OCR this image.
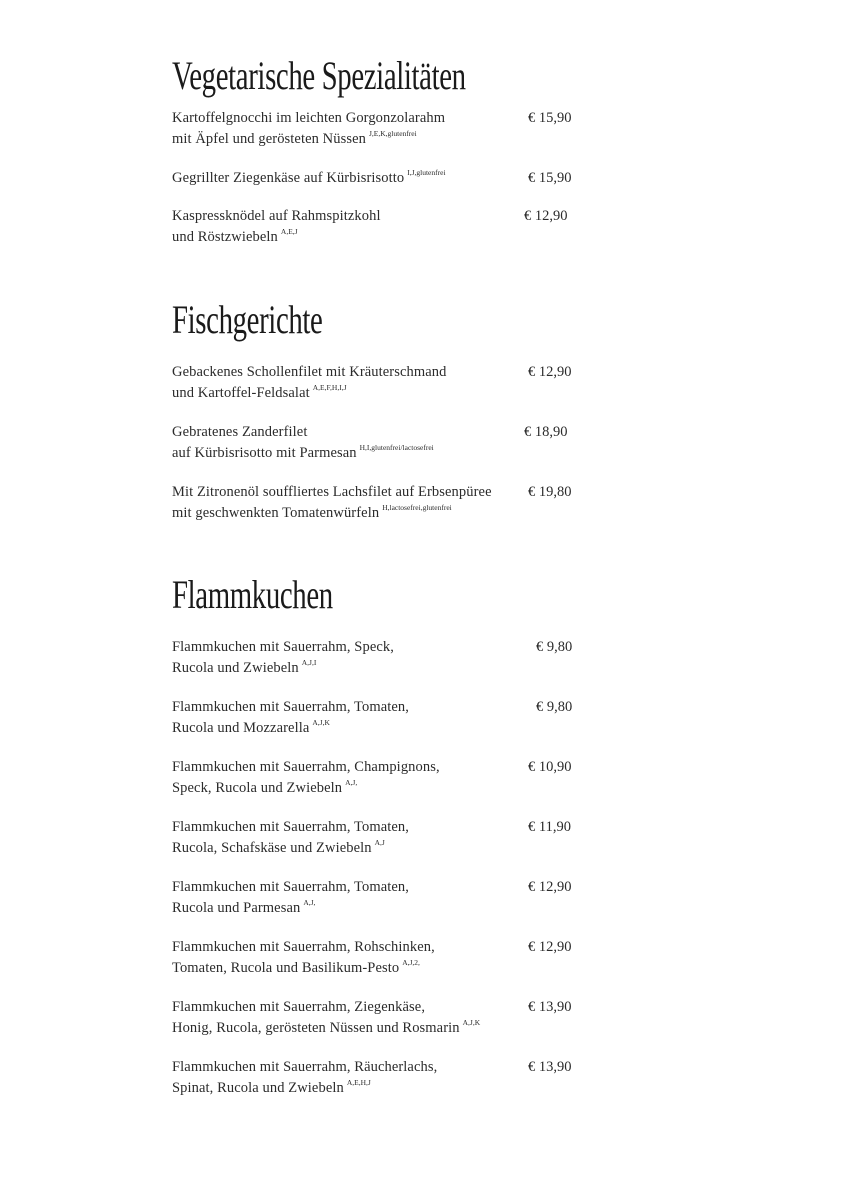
Vegetarische Spezialitäten
Kartoffelgnocchi im leichten Gorgonzolarahm
mit Äpfel und gerösteten Nüssen $^{J,E,K,glutenfrei}$
€ 15,90
Gegrillter Ziegenkäse auf Kürbisrisotto $^{I,J,glutenfrei}$	€ 15,90
Kaspressknödel auf Rahmspitzkohl
und Röstzwiebeln $^{A,E,J}$
€ 12,90
Fischgerichte
Gebackenes Schollenfilet mit Kräuterschmand
und Kartoffel-Feldsalat $^{A,E,F,H,I,J}$
€ 12,90
Gebratenes Zanderfilet
auf Kürbisrisotto mit Parmesan $^{H,I,glutenfrei/lactosefrei}$
€ 18,90
Mit Zitronenöl souffliertes Lachsfilet auf Erbsenpüree
mit geschwenkten Tomatenwürfeln $^{H,lactosefrei,glutenfrei}$
€ 19,80
Flammkuchen
Flammkuchen mit Sauerrahm, Speck,
Rucola und Zwiebeln $^{A,J,I}$
€ 9,80
Flammkuchen mit Sauerrahm, Tomaten,
Rucola und Mozzarella $^{A,J,K}$
€ 9,80
Flammkuchen mit Sauerrahm, Champignons,
Speck, Rucola und Zwiebeln $^{A,J,}$
€ 10,90
Flammkuchen mit Sauerrahm, Tomaten,
Rucola, Schafskäse und Zwiebeln $^{A,J}$
€ 11,90
Flammkuchen mit Sauerrahm, Tomaten,
Rucola und Parmesan $^{A,J,}$
€ 12,90
Flammkuchen mit Sauerrahm, Rohschinken,
Tomaten, Rucola und Basilikum-Pesto $^{A,J,2,}$
€ 12,90
Flammkuchen mit Sauerrahm, Ziegenkäse,
Honig, Rucola, gerösteten Nüssen und Rosmarin $^{A,J,K}$
€ 13,90
Flammkuchen mit Sauerrahm, Räucherlachs,
Spinat, Rucola und Zwiebeln $^{A,E,H,J}$
€ 13,90
